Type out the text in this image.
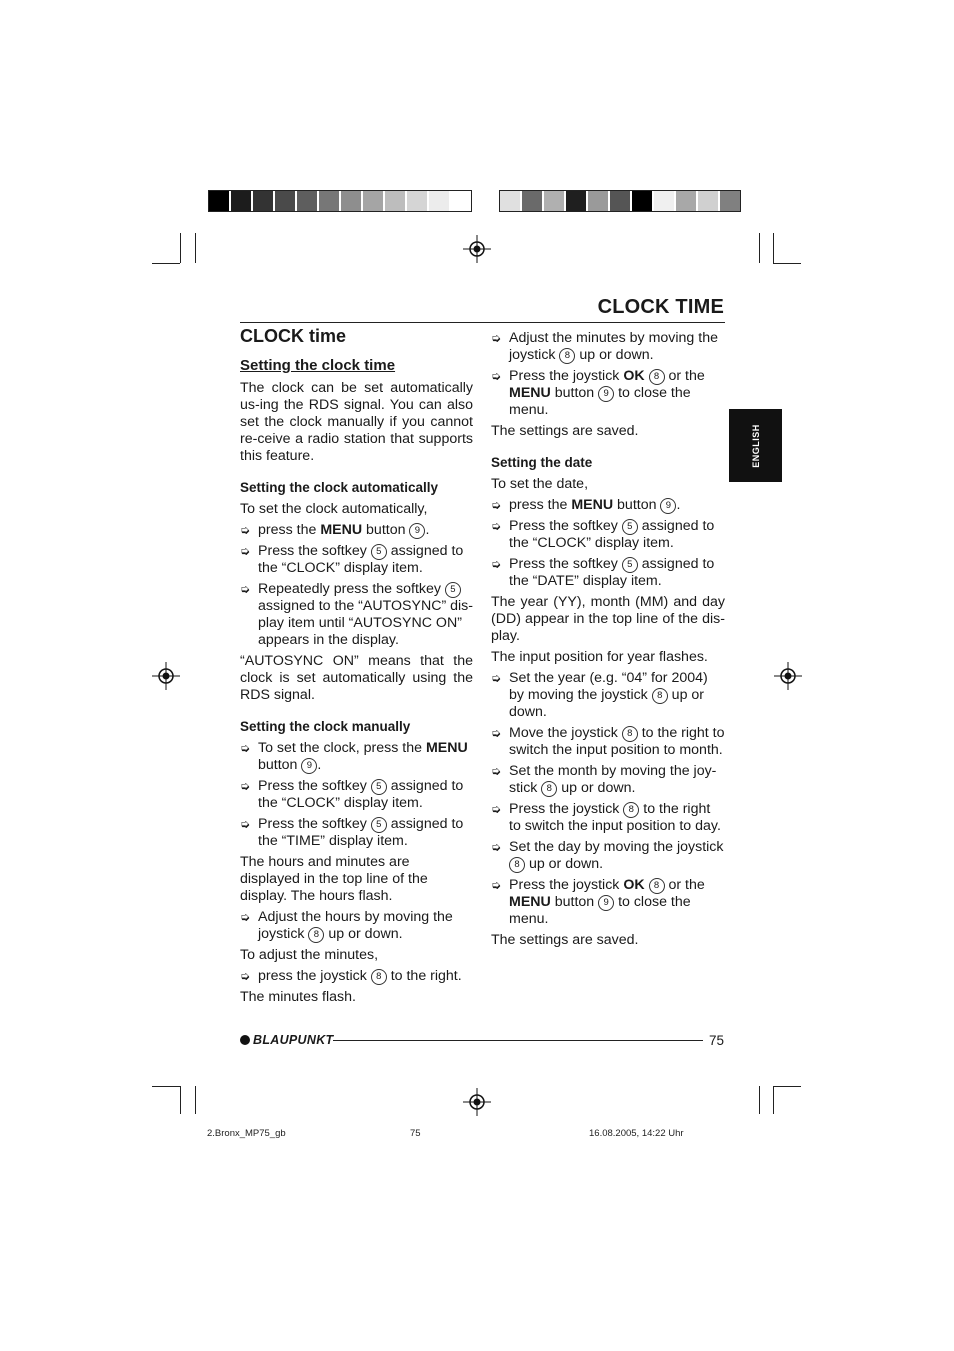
CLOCK TIME
ENGLISH
CLOCK time
Setting the clock time

The clock can be set automatically us-ing the RDS signal. You can also set the clock manually if you cannot re-ceive a radio station that supports this feature.

Setting the clock automatically

To set the clock automatically,

➭ press the MENU button 9 .
➭ Press the softkey 5 assigned to the “CLOCK” display item.
➭ Repeatedly press the softkey 5 assigned to the “AUTOSYNC” dis-play item until “AUTOSYNC ON” appears in the display.

“AUTOSYNC ON” means that the clock is set automatically using the RDS signal.

Setting the clock manually
➭ To set the clock, press the MENU button 9 .
➭ Press the softkey 5 assigned to the “CLOCK” display item.
➭ Press the softkey 5 assigned to the “TIME” display item.

The hours and minutes are displayed in the top line of the display. The hours flash.

➭ Adjust the hours by moving the joystick 8 up or down.

To adjust the minutes,

➭ press the joystick 8 to the right.

The minutes flash.

➭ Adjust the minutes by moving the joystick 8 up or down.
➭ Press the joystick OK 8 or the MENU button 9 to close the menu.

The settings are saved.

Setting the date

To set the date,

➭ press the MENU button 9 .
➭ Press the softkey 5 assigned to the “CLOCK” display item.
➭ Press the softkey 5 assigned to the “DATE” display item.

The year (YY), month (MM) and day (DD) appear in the top line of the dis-play.

The input position for year flashes.

➭ Set the year (e.g. “04” for 2004) by moving the joystick 8 up or down.
➭ Move the joystick 8 to the right to switch the input position to month.
➭ Set the month by moving the joy-stick 8 up or down.
➭ Press the joystick 8 to the right to switch the input position to day.
➭ Set the day by moving the joystick 8 up or down.
➭ Press the joystick OK 8 or the MENU button 9 to close the menu.

The settings are saved.

BLAUPUNKT	75
2.Bronx_MP75_gb	75	16.08.2005, 14:22 Uhr
